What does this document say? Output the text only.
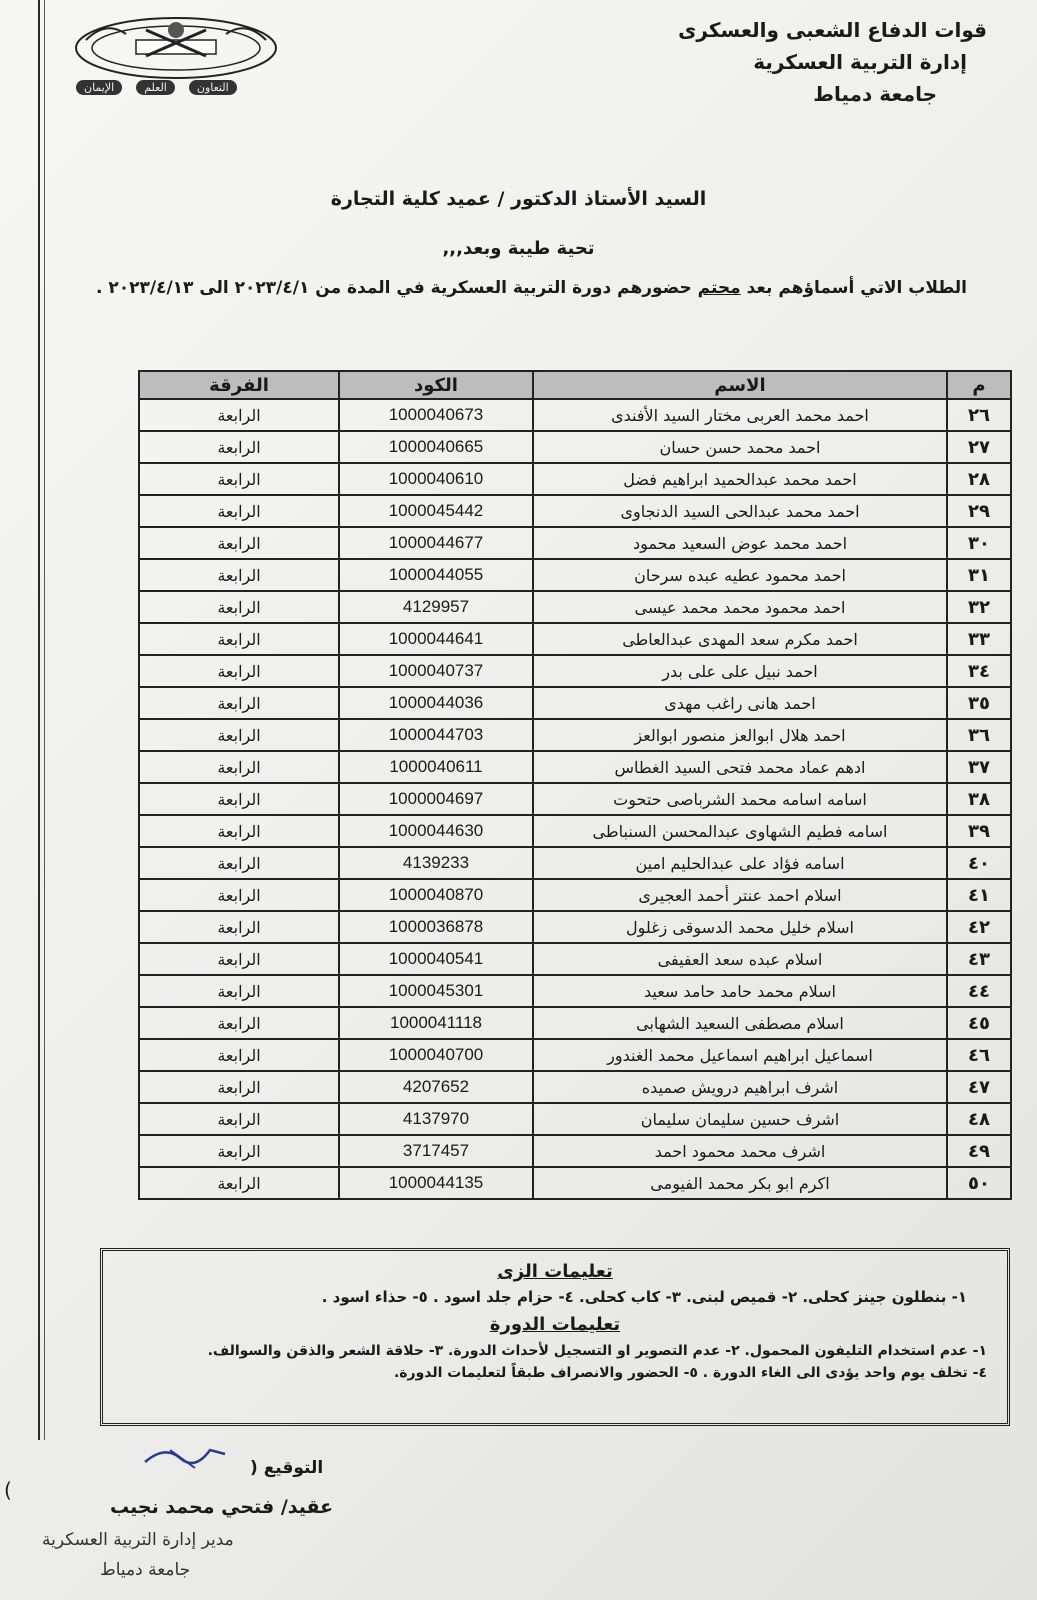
قوات الدفاع الشعبى والعسكرى
إدارة التربية العسكرية
جامعة دمياط
التعاون
العلم
الإيمان
السيد الأستاذ الدكتور / عميد كلية التجارة
تحية طيبة وبعد,,,
الطلاب الاتي أسماؤهم بعد محتم حضورهم دورة التربية العسكرية في المدة من ٢٠٢٣/٤/١ الى ٢٠٢٣/٤/١٣ .
م	الاسم	الكود	الفرقة
٢٦	احمد محمد العربى مختار السيد الأفندى	1000040673	الرابعة
٢٧	احمد محمد حسن حسان	1000040665	الرابعة
٢٨	احمد محمد عبدالحميد ابراهيم فضل	1000040610	الرابعة
٢٩	احمد محمد عبدالحى السيد الدنجاوى	1000045442	الرابعة
٣٠	احمد محمد عوض السعيد محمود	1000044677	الرابعة
٣١	احمد محمود عطيه عبده سرحان	1000044055	الرابعة
٣٢	احمد محمود محمد محمد عيسى	4129957	الرابعة
٣٣	احمد مكرم سعد المهدى عبدالعاطى	1000044641	الرابعة
٣٤	احمد نبيل على على بدر	1000040737	الرابعة
٣٥	احمد هانى راغب مهدى	1000044036	الرابعة
٣٦	احمد هلال ابوالعز منصور ابوالعز	1000044703	الرابعة
٣٧	ادهم عماد محمد فتحى السيد الغطاس	1000040611	الرابعة
٣٨	اسامه اسامه محمد الشرباصى حتحوت	1000004697	الرابعة
٣٩	اسامه فطيم الشهاوى عبدالمحسن السنباطى	1000044630	الرابعة
٤٠	اسامه فؤاد على عبدالحليم امين	4139233	الرابعة
٤١	اسلام احمد عنتر أحمد العجيرى	1000040870	الرابعة
٤٢	اسلام خليل محمد الدسوقى زغلول	1000036878	الرابعة
٤٣	اسلام عبده سعد العفيفى	1000040541	الرابعة
٤٤	اسلام محمد حامد حامد سعيد	1000045301	الرابعة
٤٥	اسلام مصطفى السعيد الشهابى	1000041118	الرابعة
٤٦	اسماعيل ابراهيم اسماعيل محمد الغندور	1000040700	الرابعة
٤٧	اشرف ابراهيم درويش صميده	4207652	الرابعة
٤٨	اشرف حسين سليمان سليمان	4137970	الرابعة
٤٩	اشرف محمد محمود احمد	3717457	الرابعة
٥٠	اكرم ابو بكر محمد الفيومى	1000044135	الرابعة
تعليمات الزى
١- بنطلون جينز كحلى. ٢- قميص لبنى. ٣- كاب كحلى. ٤- حزام جلد اسود . ٥- حذاء اسود .
تعليمات الدورة
١- عدم استخدام التليفون المحمول. ٢- عدم التصوير او التسجيل لأحداث الدورة. ٣- حلاقة الشعر والذقن والسوالف.
٤- تخلف يوم واحد يؤدى الى الغاء الدورة . ٥- الحضور والانصراف طبقاً لتعليمات الدورة.
التوقيع (
)
عقيد/ فتحي محمد نجيب
مدير إدارة التربية العسكرية
جامعة دمياط
